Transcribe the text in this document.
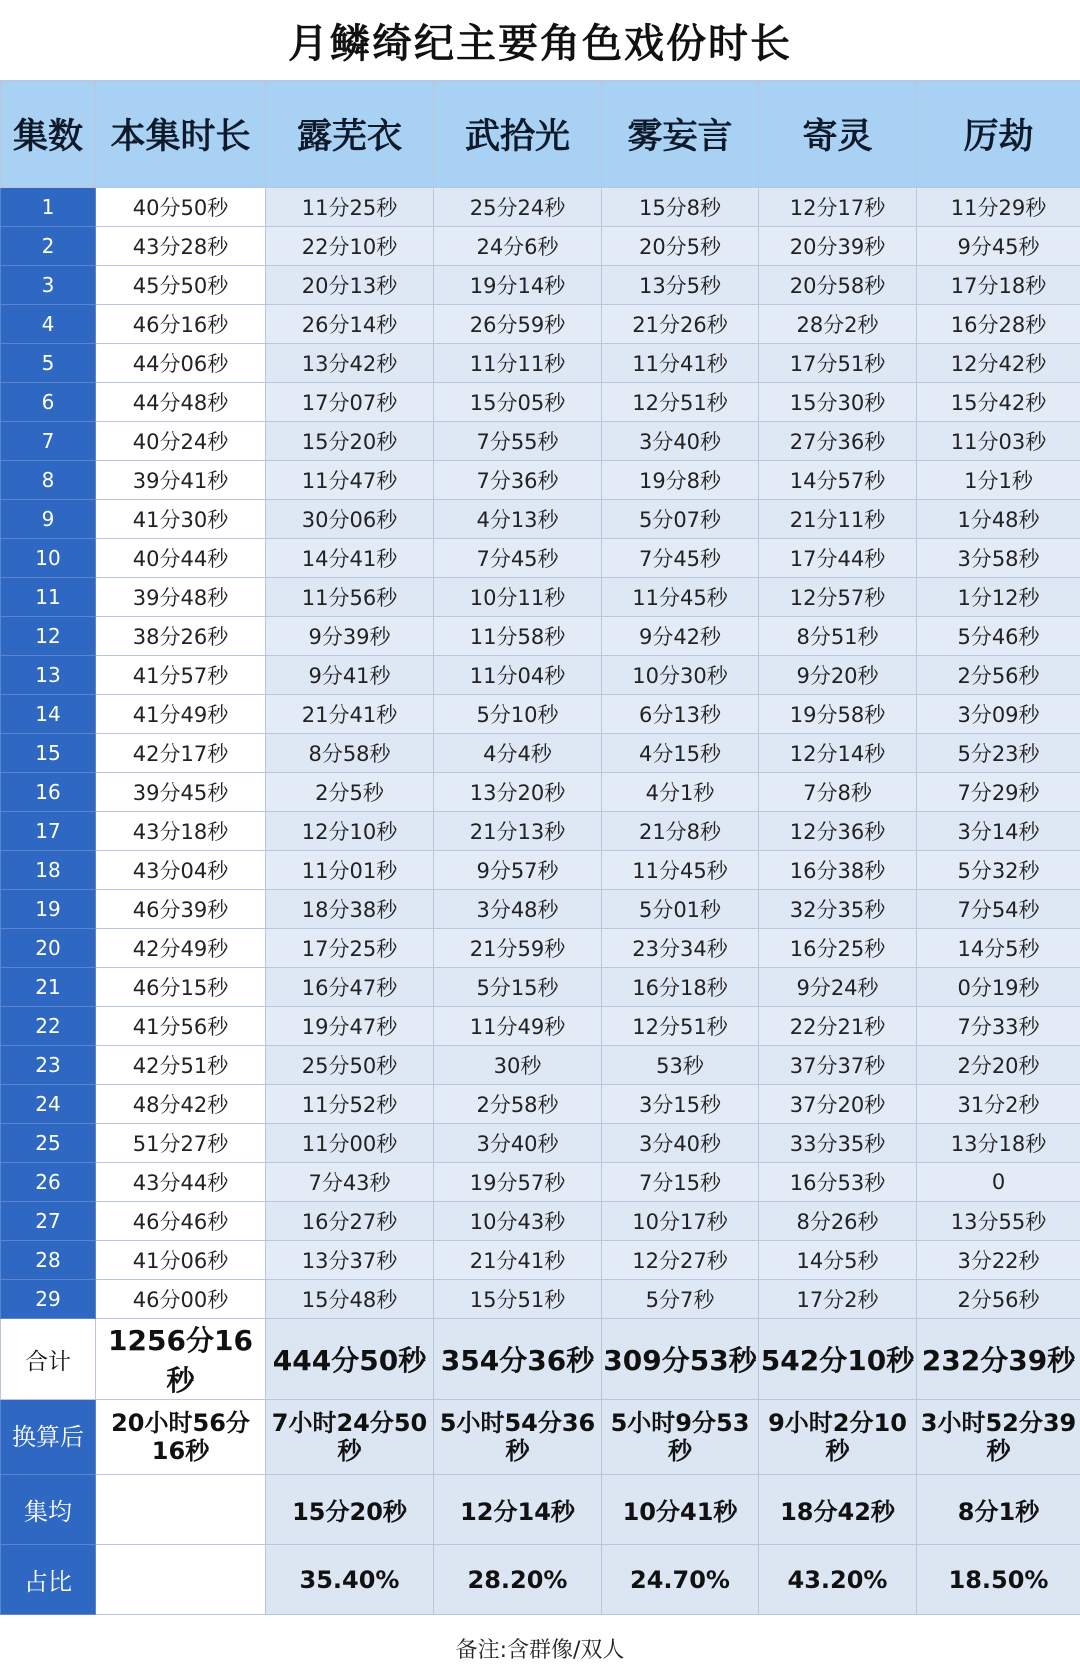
月鳞绮纪主要角色戏份时长
集数	本集时长	露芜衣	武拾光	雾妄言	寄灵	厉劫
1	40分50秒	11分25秒	25分24秒	15分8秒	12分17秒	11分29秒
2	43分28秒	22分10秒	24分6秒	20分5秒	20分39秒	9分45秒
3	45分50秒	20分13秒	19分14秒	13分5秒	20分58秒	17分18秒
4	46分16秒	26分14秒	26分59秒	21分26秒	28分2秒	16分28秒
5	44分06秒	13分42秒	11分11秒	11分41秒	17分51秒	12分42秒
6	44分48秒	17分07秒	15分05秒	12分51秒	15分30秒	15分42秒
7	40分24秒	15分20秒	7分55秒	3分40秒	27分36秒	11分03秒
8	39分41秒	11分47秒	7分36秒	19分8秒	14分57秒	1分1秒
9	41分30秒	30分06秒	4分13秒	5分07秒	21分11秒	1分48秒
10	40分44秒	14分41秒	7分45秒	7分45秒	17分44秒	3分58秒
11	39分48秒	11分56秒	10分11秒	11分45秒	12分57秒	1分12秒
12	38分26秒	9分39秒	11分58秒	9分42秒	8分51秒	5分46秒
13	41分57秒	9分41秒	11分04秒	10分30秒	9分20秒	2分56秒
14	41分49秒	21分41秒	5分10秒	6分13秒	19分58秒	3分09秒
15	42分17秒	8分58秒	4分4秒	4分15秒	12分14秒	5分23秒
16	39分45秒	2分5秒	13分20秒	4分1秒	7分8秒	7分29秒
17	43分18秒	12分10秒	21分13秒	21分8秒	12分36秒	3分14秒
18	43分04秒	11分01秒	9分57秒	11分45秒	16分38秒	5分32秒
19	46分39秒	18分38秒	3分48秒	5分01秒	32分35秒	7分54秒
20	42分49秒	17分25秒	21分59秒	23分34秒	16分25秒	14分5秒
21	46分15秒	16分47秒	5分15秒	16分18秒	9分24秒	0分19秒
22	41分56秒	19分47秒	11分49秒	12分51秒	22分21秒	7分33秒
23	42分51秒	25分50秒	30秒	53秒	37分37秒	2分20秒
24	48分42秒	11分52秒	2分58秒	3分15秒	37分20秒	31分2秒
25	51分27秒	11分00秒	3分40秒	3分40秒	33分35秒	13分18秒
26	43分44秒	7分43秒	19分57秒	7分15秒	16分53秒	0
27	46分46秒	16分27秒	10分43秒	10分17秒	8分26秒	13分55秒
28	41分06秒	13分37秒	21分41秒	12分27秒	14分5秒	3分22秒
29	46分00秒	15分48秒	15分51秒	5分7秒	17分2秒	2分56秒
合计	1256分16秒	444分50秒	354分36秒	309分53秒	542分10秒	232分39秒
换算后	20小时56分16秒	7小时24分50秒	5小时54分36秒	5小时9分53秒	9小时2分10秒	3小时52分39秒
集均		15分20秒	12分14秒	10分41秒	18分42秒	8分1秒
占比		35.40%	28.20%	24.70%	43.20%	18.50%
备注:含群像/双人
